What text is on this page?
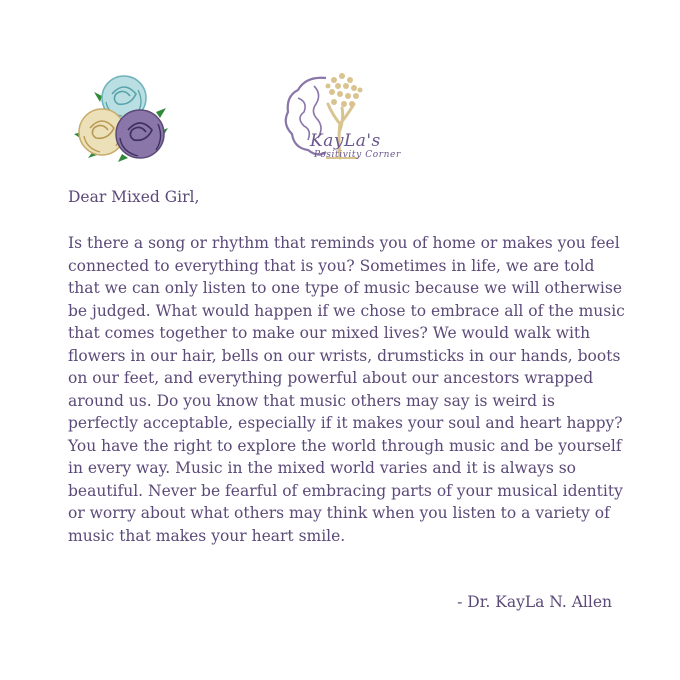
KayLa's
Positivity Corner

Dear Mixed Girl,

Is there a song or rhythm that reminds you of home or makes you feel connected to everything that is you? Sometimes in life, we are told that we can only listen to one type of music because we will otherwise be judged. What would happen if we chose to embrace all of the music that comes together to make our mixed lives? We would walk with flowers in our hair, bells on our wrists, drumsticks in our hands, boots on our feet, and everything powerful about our ancestors wrapped around us. Do you know that music others may say is weird is perfectly acceptable, especially if it makes your soul and heart happy? You have the right to explore the world through music and be yourself in every way. Music in the mixed world varies and it is always so beautiful. Never be fearful of embracing parts of your musical identity or worry about what others may think when you listen to a variety of music that makes your heart smile.

- Dr. KayLa N. Allen
